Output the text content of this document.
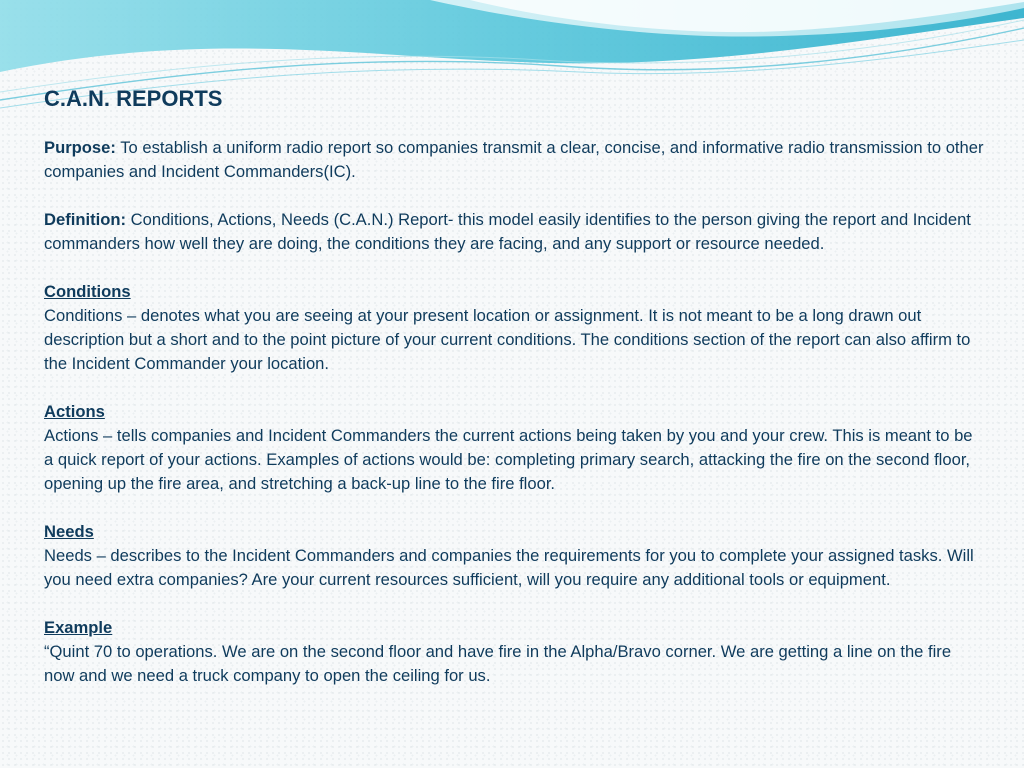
C.A.N. REPORTS

Purpose: To establish a uniform radio report so companies transmit a clear, concise, and informative radio transmission to other companies and Incident Commanders(IC).

Definition: Conditions, Actions, Needs (C.A.N.) Report- this model easily identifies to the person giving the report and Incident commanders how well they are doing, the conditions they are facing, and any support or resource needed.

Conditions
Conditions – denotes what you are seeing at your present location or assignment. It is not meant to be a long drawn out description but a short and to the point picture of your current conditions. The conditions section of the report can also affirm to the Incident Commander your location.

Actions
Actions – tells companies and Incident Commanders the current actions being taken by you and your crew. This is meant to be a quick report of your actions. Examples of actions would be: completing primary search, attacking the fire on the second floor, opening up the fire area, and stretching a back-up line to the fire floor.

Needs
Needs – describes to the Incident Commanders and companies the requirements for you to complete your assigned tasks. Will you need extra companies? Are your current resources sufficient, will you require any additional tools or equipment.

Example
“Quint 70 to operations. We are on the second floor and have fire in the Alpha/Bravo corner. We are getting a line on the fire now and we need a truck company to open the ceiling for us.
